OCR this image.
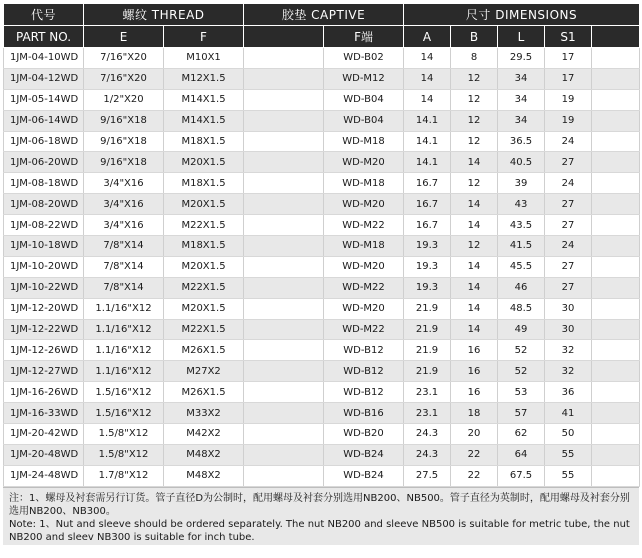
代号	螺纹 THREAD		胶垫 CAPTIVE		尺寸 DIMENSIONS				
PART NO.	E	F		F端	A	B	L	S1	
1JM-04-10WD	7/16"X20	M10X1		WD-B02	14	8	29.5	17	
1JM-04-12WD	7/16"X20	M12X1.5		WD-M12	14	12	34	17	
1JM-05-14WD	1/2"X20	M14X1.5		WD-B04	14	12	34	19	
1JM-06-14WD	9/16"X18	M14X1.5		WD-B04	14.1	12	34	19	
1JM-06-18WD	9/16"X18	M18X1.5		WD-M18	14.1	12	36.5	24	
1JM-06-20WD	9/16"X18	M20X1.5		WD-M20	14.1	14	40.5	27	
1JM-08-18WD	3/4"X16	M18X1.5		WD-M18	16.7	12	39	24	
1JM-08-20WD	3/4"X16	M20X1.5		WD-M20	16.7	14	43	27	
1JM-08-22WD	3/4"X16	M22X1.5		WD-M22	16.7	14	43.5	27	
1JM-10-18WD	7/8"X14	M18X1.5		WD-M18	19.3	12	41.5	24	
1JM-10-20WD	7/8"X14	M20X1.5		WD-M20	19.3	14	45.5	27	
1JM-10-22WD	7/8"X14	M22X1.5		WD-M22	19.3	14	46	27	
1JM-12-20WD	1.1/16"X12	M20X1.5		WD-M20	21.9	14	48.5	30	
1JM-12-22WD	1.1/16"X12	M22X1.5		WD-M22	21.9	14	49	30	
1JM-12-26WD	1.1/16"X12	M26X1.5		WD-B12	21.9	16	52	32	
1JM-12-27WD	1.1/16"X12	M27X2		WD-B12	21.9	16	52	32	
1JM-16-26WD	1.5/16"X12	M26X1.5		WD-B12	23.1	16	53	36	
1JM-16-33WD	1.5/16"X12	M33X2		WD-B16	23.1	18	57	41	
1JM-20-42WD	1.5/8"X12	M42X2		WD-B20	24.3	20	62	50	
1JM-20-48WD	1.5/8"X12	M48X2		WD-B24	24.3	22	64	55	
1JM-24-48WD	1.7/8"X12	M48X2		WD-B24	27.5	22	67.5	55	

注：1、螺母及衬套需另行订货。管子直径D为公制时，配用螺母及衬套分别选用NB200、NB500。管子直径为英制时，配用螺母及衬套分别选用NB200、NB300。

Note: 1、Nut and sleeve should be ordered separately. The nut NB200 and sleeve NB500 is suitable for metric tube, the nut NB200 and sleev NB300 is suitable for inch tube.
